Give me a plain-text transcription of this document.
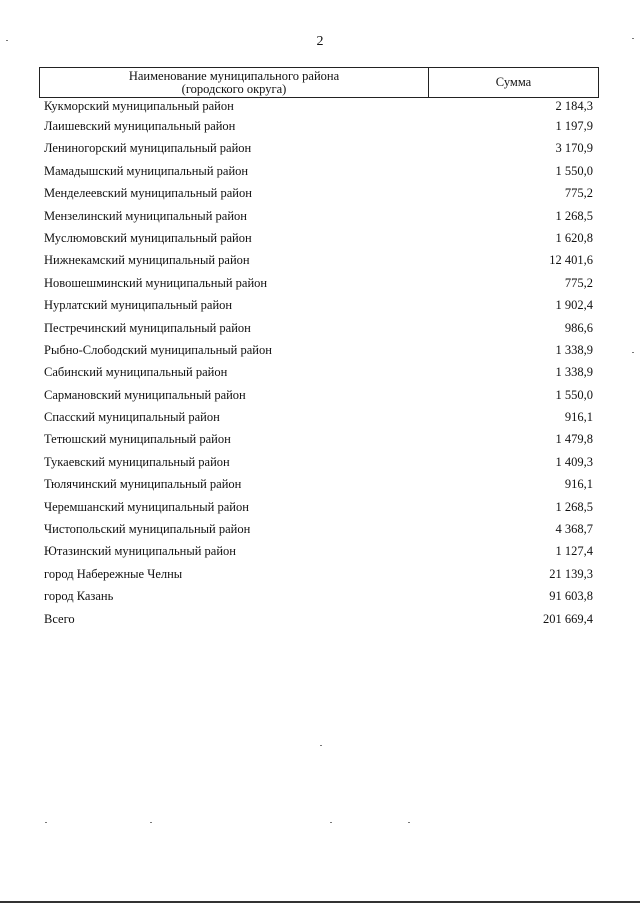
2
Наименование муниципального района
(городского округа)	Сумма
Кукморский муниципальный район	2 184,3
Лаишевский муниципальный район	1 197,9
Лениногорский муниципальный район	3 170,9
Мамадышский муниципальный район	1 550,0
Менделеевский муниципальный район	775,2
Мензелинский муниципальный район	1 268,5
Муслюмовский муниципальный район	1 620,8
Нижнекамский муниципальный район	12 401,6
Новошешминский муниципальный район	775,2
Нурлатский муниципальный район	1 902,4
Пестречинский муниципальный район	986,6
Рыбно-Слободский муниципальный район	1 338,9
Сабинский муниципальный район	1 338,9
Сармановский муниципальный район	1 550,0
Спасский муниципальный район	916,1
Тетюшский муниципальный район	1 479,8
Тукаевский муниципальный район	1 409,3
Тюлячинский муниципальный район	916,1
Черемшанский муниципальный район	1 268,5
Чистопольский муниципальный район	4 368,7
Ютазинский муниципальный район	1 127,4
город Набережные Челны	21 139,3
город Казань	91 603,8
Всего	201 669,4
